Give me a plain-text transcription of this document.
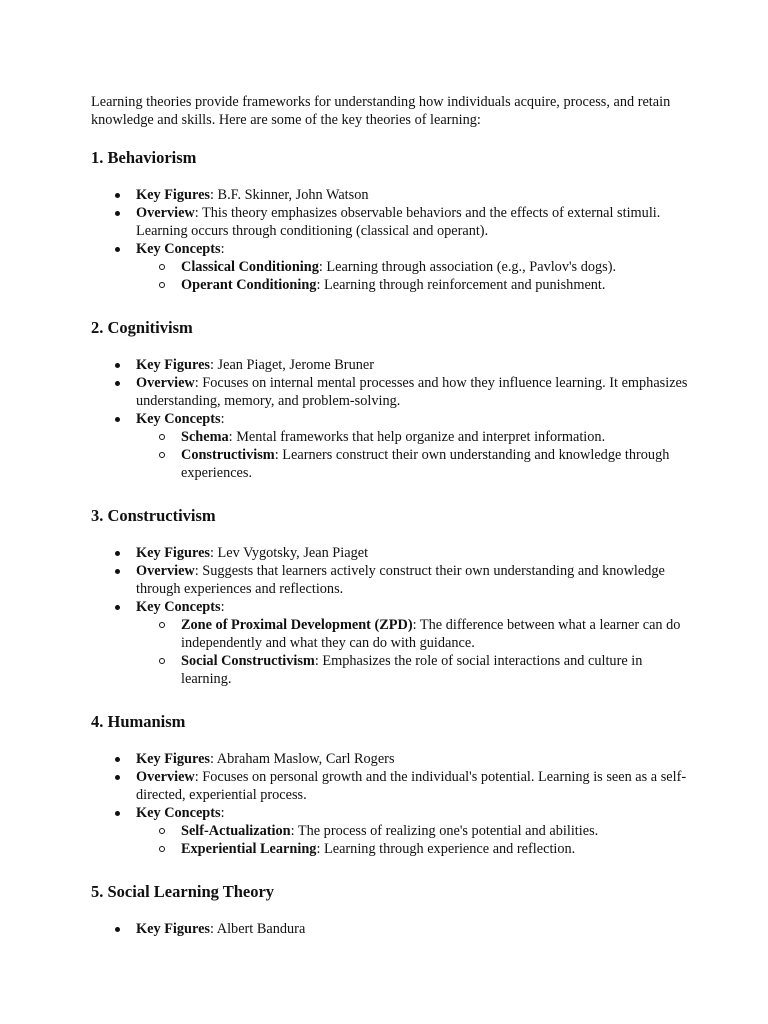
Learning theories provide frameworks for understanding how individuals acquire, process, and retain knowledge and skills. Here are some of the key theories of learning:

1. Behaviorism
Key Figures: B.F. Skinner, John Watson
Overview: This theory emphasizes observable behaviors and the effects of external stimuli. Learning occurs through conditioning (classical and operant).
Key Concepts:
Classical Conditioning: Learning through association (e.g., Pavlov's dogs).
Operant Conditioning: Learning through reinforcement and punishment.
2. Cognitivism
Key Figures: Jean Piaget, Jerome Bruner
Overview: Focuses on internal mental processes and how they influence learning. It emphasizes understanding, memory, and problem-solving.
Key Concepts:
Schema: Mental frameworks that help organize and interpret information.
Constructivism: Learners construct their own understanding and knowledge through experiences.
3. Constructivism
Key Figures: Lev Vygotsky, Jean Piaget
Overview: Suggests that learners actively construct their own understanding and knowledge through experiences and reflections.
Key Concepts:
Zone of Proximal Development (ZPD): The difference between what a learner can do independently and what they can do with guidance.
Social Constructivism: Emphasizes the role of social interactions and culture in learning.
4. Humanism
Key Figures: Abraham Maslow, Carl Rogers
Overview: Focuses on personal growth and the individual's potential. Learning is seen as a self-directed, experiential process.
Key Concepts:
Self-Actualization: The process of realizing one's potential and abilities.
Experiential Learning: Learning through experience and reflection.
5. Social Learning Theory
Key Figures: Albert Bandura
